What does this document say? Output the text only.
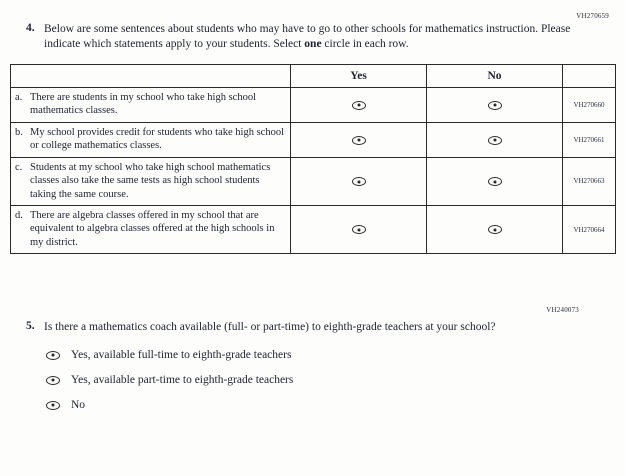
VH270659
4. Below are some sentences about students who may have to go to other schools for mathematics instruction. Please indicate which statements apply to your students. Select one circle in each row.
	Yes	No	

a. There are students in my school who take high school mathematics classes.			VH270660

b. My school provides credit for students who take high school or college mathematics classes.			VH270661

c. Students at my school who take high school mathematics classes also take the same tests as high school students taking the same course.			VH270663

d. There are algebra classes offered in my school that are equivalent to algebra classes offered at the high schools in my district.			VH270664
VH240073
5. Is there a mathematics coach available (full- or part-time) to eighth-grade teachers at your school?
Yes, available full-time to eighth-grade teachers
Yes, available part-time to eighth-grade teachers
No
